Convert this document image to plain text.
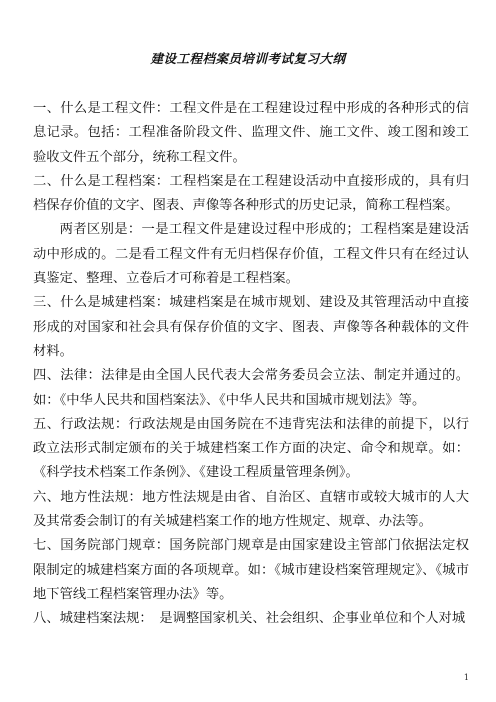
建设工程档案员培训考试复习大纲

一、什么是工程文件：工程文件是在工程建设过程中形成的各种形式的信息记录。包括：工程准备阶段文件、监理文件、施工文件、竣工图和竣工验收文件五个部分，统称工程文件。

二、什么是工程档案：工程档案是在工程建设活动中直接形成的，具有归档保存价值的文字、图表、声像等各种形式的历史记录，简称工程档案。

两者区别是：一是工程文件是建设过程中形成的；工程档案是建设活动中形成的。二是看工程文件有无归档保存价值，工程文件只有在经过认真鉴定、整理、立卷后才可称着是工程档案。

三、什么是城建档案：城建档案是在城市规划、建设及其管理活动中直接形成的对国家和社会具有保存价值的文字、图表、声像等各种载体的文件材料。

四、法律：法律是由全国人民代表大会常务委员会立法、制定并通过的。如：《中华人民共和国档案法》、《中华人民共和国城市规划法》等。

五、行政法规：行政法规是由国务院在不违背宪法和法律的前提下，以行政立法形式制定颁布的关于城建档案工作方面的决定、命令和规章。如：《科学技术档案工作条例》、《建设工程质量管理条例》。

六、地方性法规：地方性法规是由省、自治区、直辖市或较大城市的人大及其常委会制订的有关城建档案工作的地方性规定、规章、办法等。

七、国务院部门规章：国务院部门规章是由国家建设主管部门依据法定权限制定的城建档案方面的各项规章。如：《城市建设档案管理规定》、《城市地下管线工程档案管理办法》等。

八、城建档案法规：　是调整国家机关、社会组织、企事业单位和个人对城

1
